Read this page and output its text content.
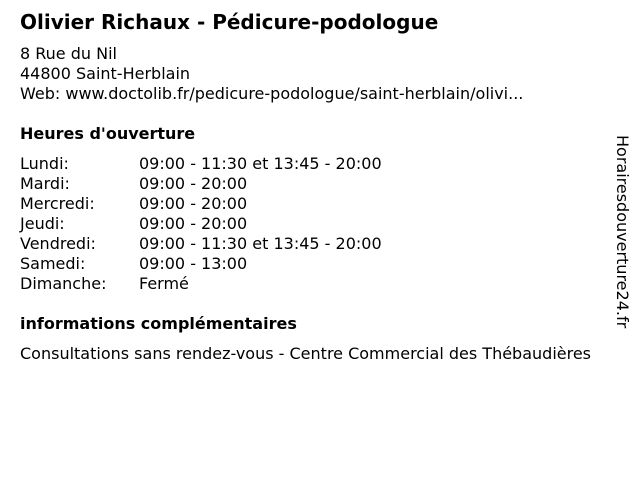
Olivier Richaux - Pédicure-podologue
8 Rue du Nil
44800 Saint-Herblain
Web: www.doctolib.fr/pedicure-podologue/saint-herblain/olivi...
Heures d'ouverture
Lundi:	09:00 - 11:30 et 13:45 - 20:00
Mardi:	09:00 - 20:00
Mercredi:	09:00 - 20:00
Jeudi:	09:00 - 20:00
Vendredi:	09:00 - 11:30 et 13:45 - 20:00
Samedi:	09:00 - 13:00
Dimanche:	Fermé
informations complémentaires
Consultations sans rendez-vous - Centre Commercial des Thébaudières
Horairesdouverture24.fr
